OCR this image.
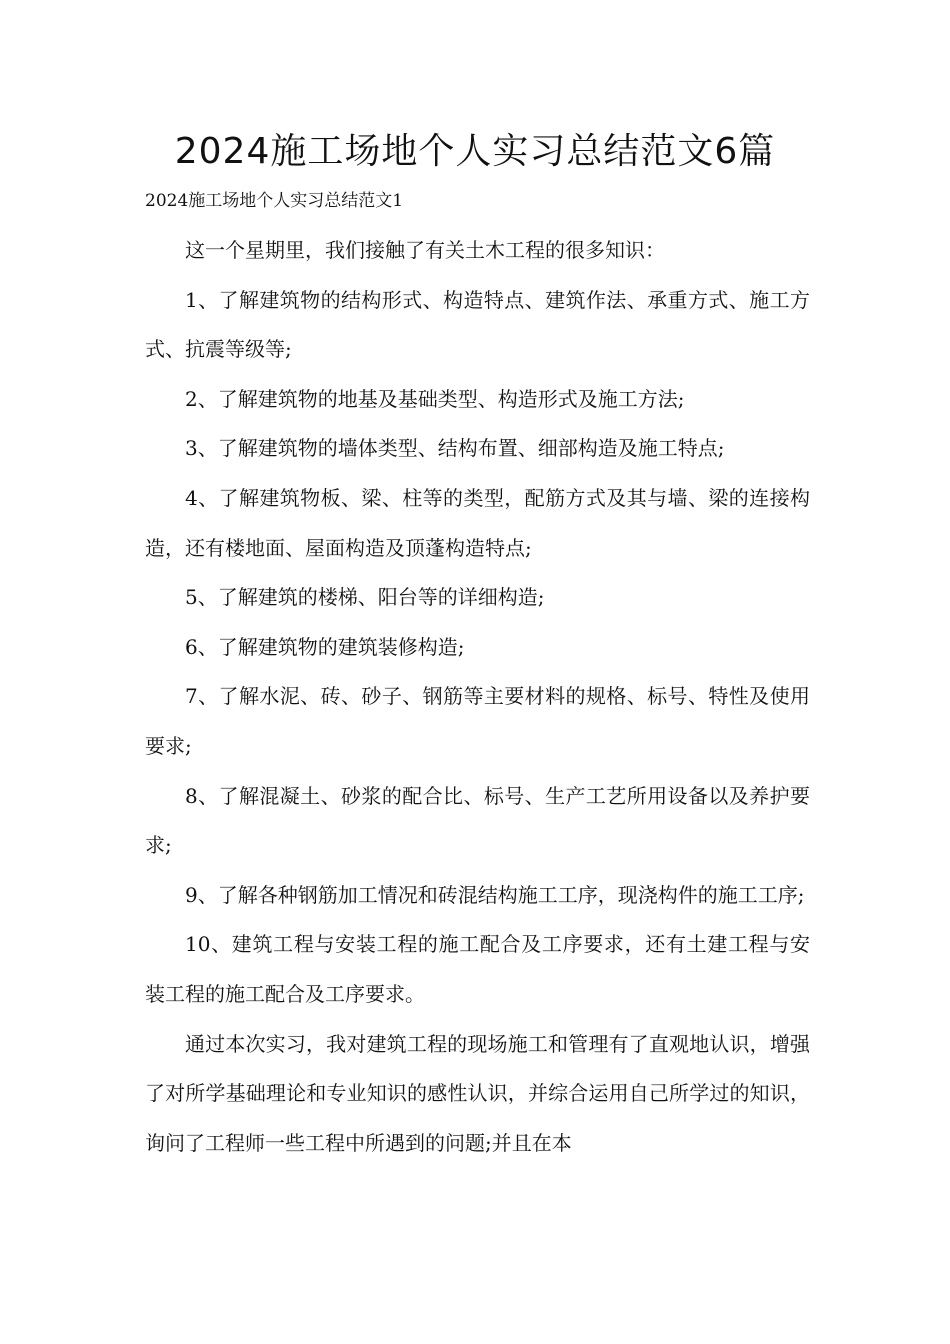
2024施工场地个人实习总结范文6篇
2024施工场地个人实习总结范文1

这一个星期里，我们接触了有关土木工程的很多知识：

1、了解建筑物的结构形式、构造特点、建筑作法、承重方式、施工方式、抗震等级等;

2、了解建筑物的地基及基础类型、构造形式及施工方法;

3、了解建筑物的墙体类型、结构布置、细部构造及施工特点;

4、了解建筑物板、梁、柱等的类型，配筋方式及其与墙、梁的连接构造，还有楼地面、屋面构造及顶蓬构造特点;

5、了解建筑的楼梯、阳台等的详细构造;

6、了解建筑物的建筑装修构造;

7、了解水泥、砖、砂子、钢筋等主要材料的规格、标号、特性及使用要求;

8、了解混凝土、砂浆的配合比、标号、生产工艺所用设备以及养护要求;

9、了解各种钢筋加工情况和砖混结构施工工序，现浇构件的施工工序;

10、建筑工程与安装工程的施工配合及工序要求，还有土建工程与安装工程的施工配合及工序要求。

通过本次实习，我对建筑工程的现场施工和管理有了直观地认识，增强了对所学基础理论和专业知识的感性认识，并综合运用自己所学过的知识，询问了工程师一些工程中所遇到的问题;并且在本
